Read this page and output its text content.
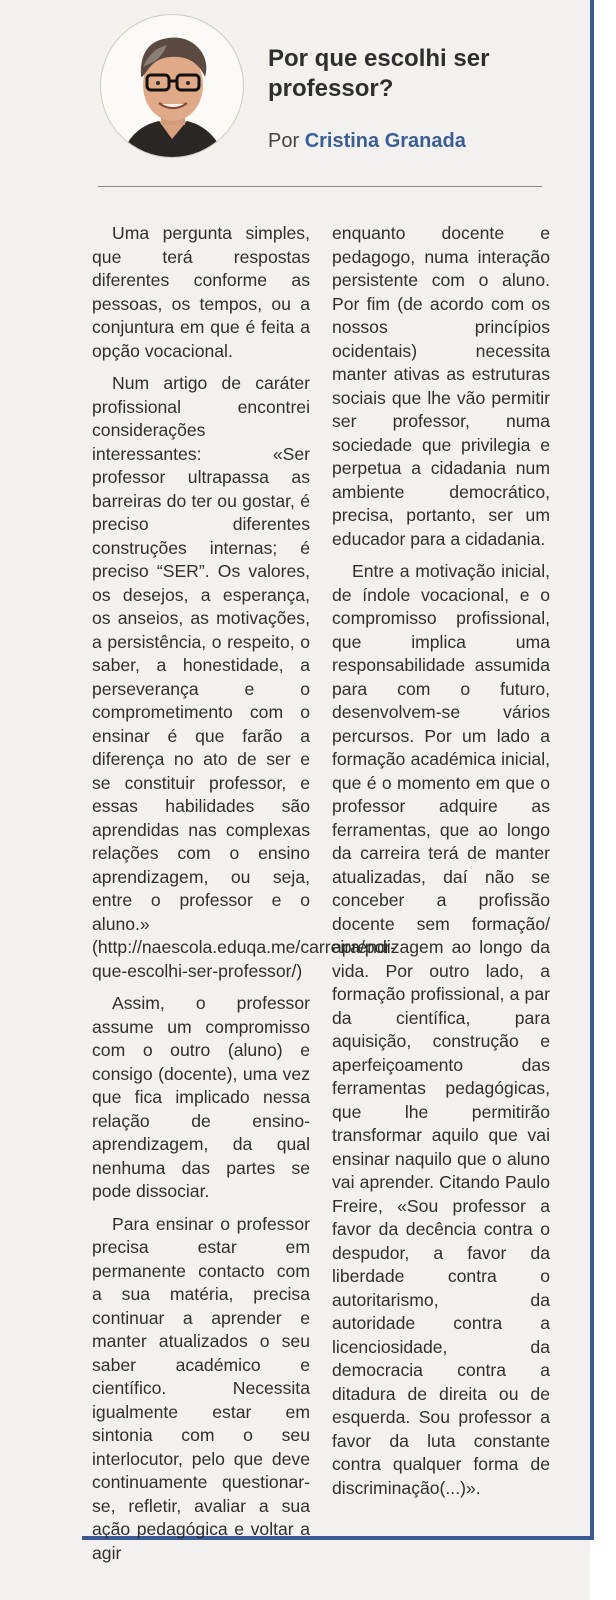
Por que escolhi ser professor?
Por Cristina Granada

Uma pergunta simples, que terá respostas diferentes conforme as pessoas, os tempos, ou a conjuntura em que é feita a opção vocacional.

Num artigo de caráter profissional encontrei considerações interessantes: «Ser professor ultrapassa as barreiras do ter ou gostar, é preciso diferentes construções internas; é preciso “SER”. Os valores, os desejos, a esperança, os anseios, as motivações, a persistência, o respeito, o saber, a honestidade, a perseverança e o comprometimento com o ensinar é que farão a diferença no ato de ser e se constituir professor, e essas habilidades são aprendidas nas complexas relações com o ensino aprendizagem, ou seja, entre o professor e o aluno.» (http://naescola.eduqa.me/carreira/por-que-escolhi-ser-professor/)

Assim, o professor assume um compromisso com o outro (aluno) e consigo (docente), uma vez que fica implicado nessa relação de ensino-aprendizagem, da qual nenhuma das partes se pode dissociar.

Para ensinar o professor precisa estar em permanente contacto com a sua matéria, precisa continuar a aprender e manter atualizados o seu saber académico e científico. Necessita igualmente estar em sintonia com o seu interlocutor, pelo que deve continuamente questionar-se, refletir, avaliar a sua ação pedagógica e voltar a agir

enquanto docente e pedagogo, numa interação persistente com o aluno. Por fim (de acordo com os nossos princípios ocidentais) necessita manter ativas as estruturas sociais que lhe vão permitir ser professor, numa sociedade que privilegia e perpetua a cidadania num ambiente democrático, precisa, portanto, ser um educador para a cidadania.

Entre a motivação inicial, de índole vocacional, e o compromisso profissional, que implica uma responsabilidade assumida para com o futuro, desenvolvem-se vários percursos. Por um lado a formação académica inicial, que é o momento em que o professor adquire as ferramentas, que ao longo da carreira terá de manter atualizadas, daí não se conceber a profissão docente sem formação/ aprendizagem ao longo da vida. Por outro lado, a formação profissional, a par da científica, para aquisição, construção e aperfeiçoamento das ferramentas pedagógicas, que lhe permitirão transformar aquilo que vai ensinar naquilo que o aluno vai aprender. Citando Paulo Freire, «Sou professor a favor da decência contra o despudor, a favor da liberdade contra o autoritarismo, da autoridade contra a licenciosidade, da democracia contra a ditadura de direita ou de esquerda. Sou professor a favor da luta constante contra qualquer forma de discriminação(...)».
